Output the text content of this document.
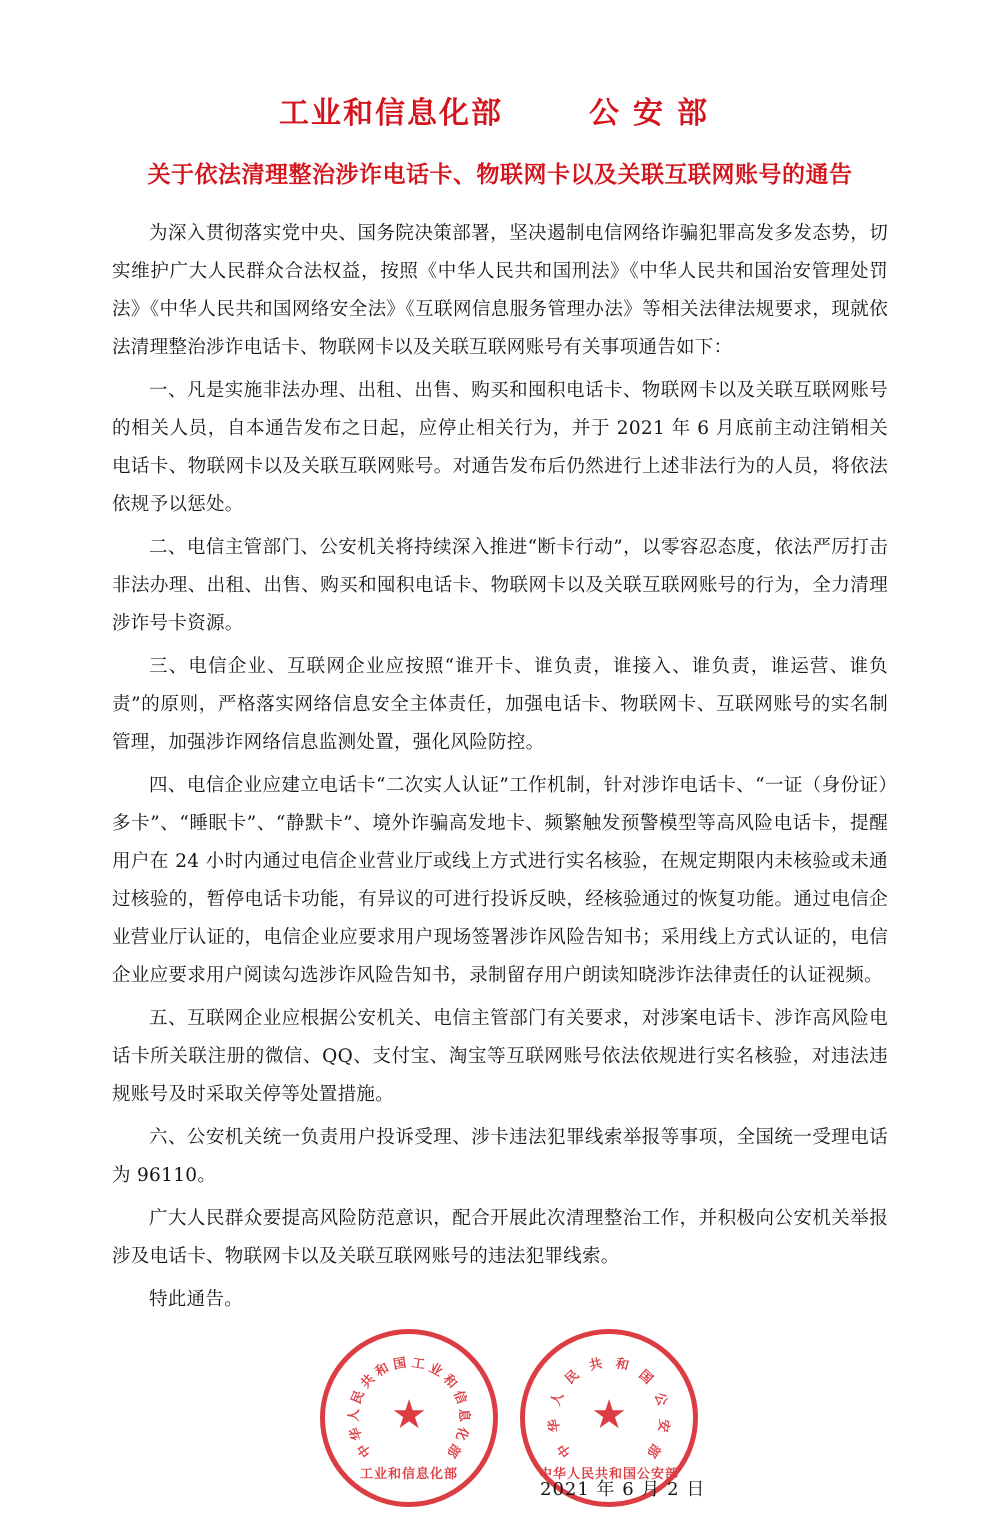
工业和信息化部	公安部
关于依法清理整治涉诈电话卡、物联网卡以及关联互联网账号的通告

为深入贯彻落实党中央、国务院决策部署，坚决遏制电信网络诈骗犯罪高发多发态势，切实维护广大人民群众合法权益，按照《中华人民共和国刑法》《中华人民共和国治安管理处罚法》《中华人民共和国网络安全法》《互联网信息服务管理办法》等相关法律法规要求，现就依法清理整治涉诈电话卡、物联网卡以及关联互联网账号有关事项通告如下：

一、凡是实施非法办理、出租、出售、购买和囤积电话卡、物联网卡以及关联互联网账号的相关人员，自本通告发布之日起，应停止相关行为，并于 2021 年 6 月底前主动注销相关电话卡、物联网卡以及关联互联网账号。对通告发布后仍然进行上述非法行为的人员，将依法依规予以惩处。

二、电信主管部门、公安机关将持续深入推进“断卡行动”，以零容忍态度，依法严厉打击非法办理、出租、出售、购买和囤积电话卡、物联网卡以及关联互联网账号的行为，全力清理涉诈号卡资源。

三、电信企业、互联网企业应按照“谁开卡、谁负责，谁接入、谁负责，谁运营、谁负责”的原则，严格落实网络信息安全主体责任，加强电话卡、物联网卡、互联网账号的实名制管理，加强涉诈网络信息监测处置，强化风险防控。

四、电信企业应建立电话卡“二次实人认证”工作机制，针对涉诈电话卡、“一证（身份证）多卡”、“睡眠卡”、“静默卡”、境外诈骗高发地卡、频繁触发预警模型等高风险电话卡，提醒用户在 24 小时内通过电信企业营业厅或线上方式进行实名核验，在规定期限内未核验或未通过核验的，暂停电话卡功能，有异议的可进行投诉反映，经核验通过的恢复功能。通过电信企业营业厅认证的，电信企业应要求用户现场签署涉诈风险告知书；采用线上方式认证的，电信企业应要求用户阅读勾选涉诈风险告知书，录制留存用户朗读知晓涉诈法律责任的认证视频。

五、互联网企业应根据公安机关、电信主管部门有关要求，对涉案电话卡、涉诈高风险电话卡所关联注册的微信、QQ、支付宝、淘宝等互联网账号依法依规进行实名核验，对违法违规账号及时采取关停等处置措施。

六、公安机关统一负责用户投诉受理、涉卡违法犯罪线索举报等事项，全国统一受理电话为 96110。

广大人民群众要提高风险防范意识，配合开展此次清理整治工作，并积极向公安机关举报涉及电话卡、物联网卡以及关联互联网账号的违法犯罪线索。

特此通告。

中
华
人
民
共
和 国 工 业
和
信
息
化
部
★
工业和信息化部
中
华
人
民
共 和
国
公
安
部
★
中华人民共和国公安部
2021 年 6 月 2 日
